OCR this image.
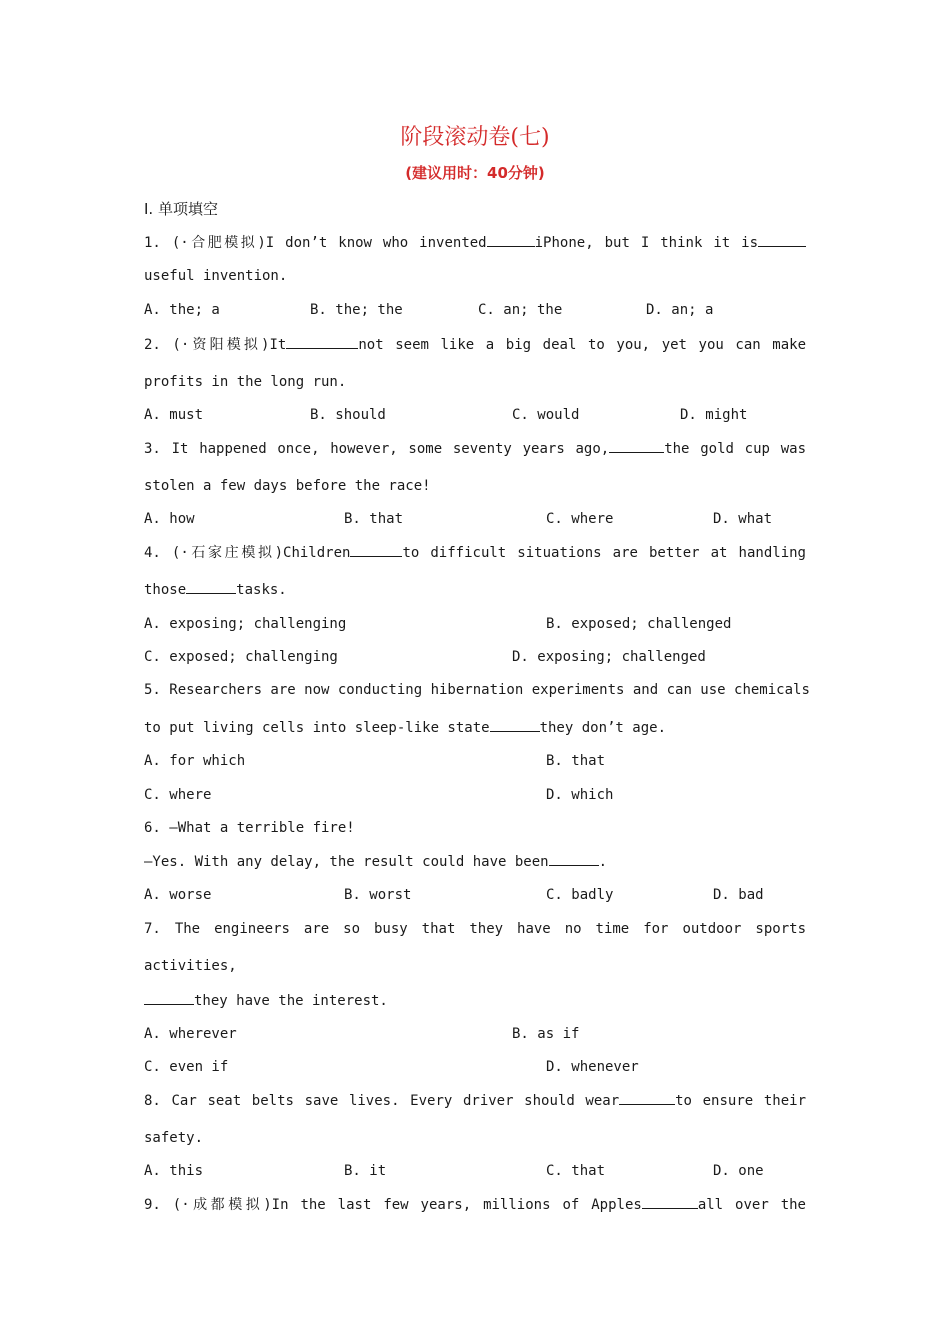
阶段滚动卷(七)
(建议用时：40分钟)
Ⅰ. 单项填空
1. (·合肥模拟)I don’t know who invented	iPhone, but I think it is
useful invention.
A. the; a	B. the; the	C. an; the	D. an; a
2. (·资阳模拟)It	not seem like a big deal to you, yet you can make
profits in the long run.
A. must	B. should	C. would	D. might
3. It happened once, however, some seventy years ago,	the gold cup was
stolen a few days before the race!
A. how	B. that	C. where	D. what
4. (·石家庄模拟)Children	to difficult situations are better at handling
those	tasks.
A. exposing; challenging	B. exposed; challenged
C. exposed; challenging	D. exposing; challenged
5. Researchers are now conducting hibernation experiments and can use chemicals
to put living cells into sleep-like state	they don’t age.
A. for which	B. that
C. where	D. which
6. —What a terrible fire!
—Yes. With any delay, the result could have been	.
A. worse	B. worst	C. badly	D. bad
7. The engineers are so busy that they have no time for outdoor sports
activities,
they have the interest.
A. wherever	B. as if
C. even if	D. whenever
8. Car seat belts save lives. Every driver should wear	to ensure their
safety.
A. this	B. it	C. that	D. one
9. (·成都模拟)In the last few years, millions of Apples	all over the
